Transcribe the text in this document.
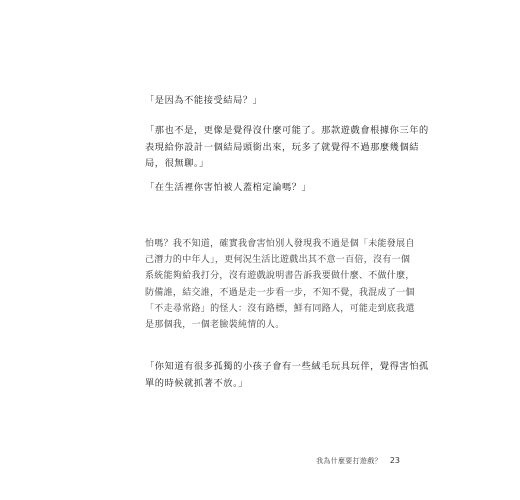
「是因為不能接受結局？」
「那也不是，更像是覺得沒什麼可能了。那款遊戲會根據你三年的
表現給你設計一個結局頭銜出來，玩多了就覺得不過那麼幾個結
局，很無聊。」
「在生活裡你害怕被人蓋棺定論嗎？」
怕嗎？我不知道，確實我會害怕別人發現我不過是個「未能發展自
己潛力的中年人」，更何況生活比遊戲出其不意一百倍，沒有一個
系統能夠給我打分，沒有遊戲說明書告訴我要做什麼、不做什麼，
防備誰，結交誰，不過是走一步看一步，不知不覺，我混成了一個
「不走尋常路」的怪人：沒有路標，鮮有同路人，可能走到底我還
是那個我，一個老臉裝純情的人。
「你知道有很多孤獨的小孩子會有一些絨毛玩具玩伴，覺得害怕孤
單的時候就抓著不放。」
我為什麼要打遊戲？ 23
